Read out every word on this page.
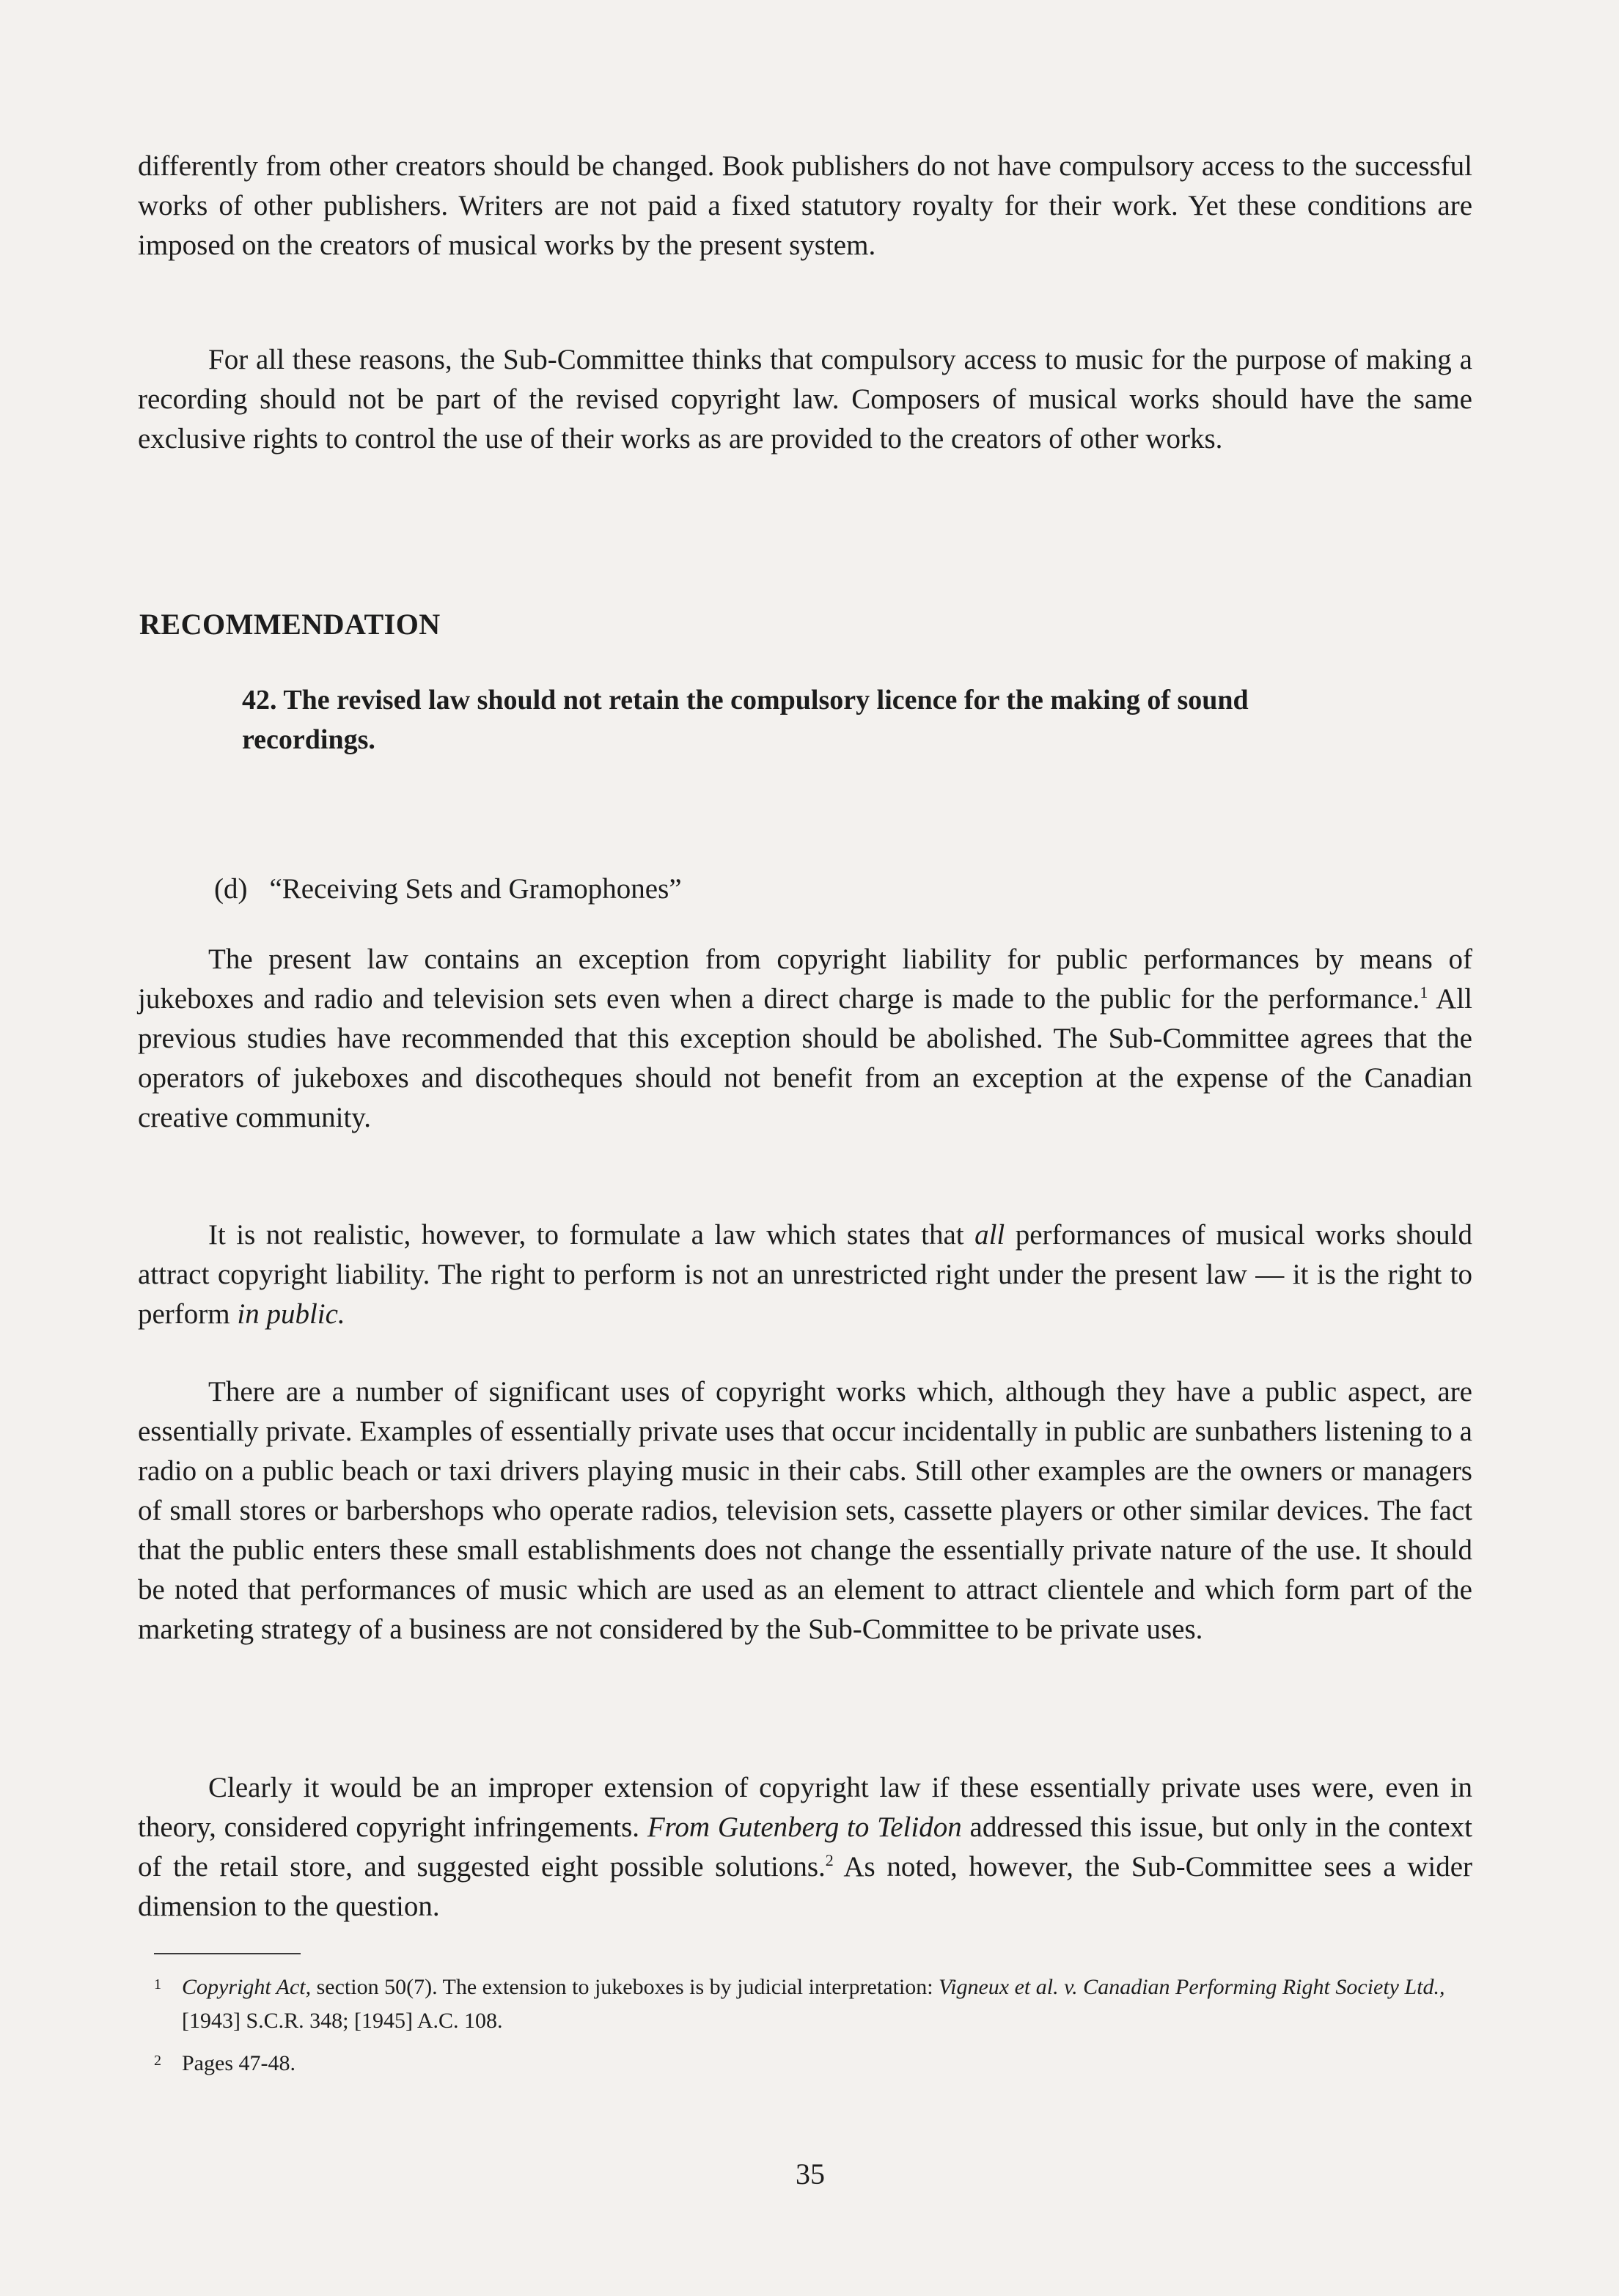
differently from other creators should be changed. Book publishers do not have compulsory access to the successful works of other publishers. Writers are not paid a fixed statutory royalty for their work. Yet these conditions are imposed on the creators of musical works by the present system.

For all these reasons, the Sub-Committee thinks that compulsory access to music for the purpose of making a recording should not be part of the revised copyright law. Composers of musical works should have the same exclusive rights to control the use of their works as are provided to the creators of other works.

RECOMMENDATION

42. The revised law should not retain the compulsory licence for the making of sound recordings.

(d) “Receiving Sets and Gramophones”

The present law contains an exception from copyright liability for public performances by means of jukeboxes and radio and television sets even when a direct charge is made to the public for the performance.$^1$ All previous studies have recommended that this exception should be abolished. The Sub-Committee agrees that the operators of jukeboxes and discotheques should not benefit from an exception at the expense of the Canadian creative community.

It is not realistic, however, to formulate a law which states that all performances of musical works should attract copyright liability. The right to perform is not an unrestricted right under the present law — it is the right to perform in public.

There are a number of significant uses of copyright works which, although they have a public aspect, are essentially private. Examples of essentially private uses that occur incidentally in public are sunbathers listening to a radio on a public beach or taxi drivers playing music in their cabs. Still other examples are the owners or managers of small stores or barbershops who operate radios, television sets, cassette players or other similar devices. The fact that the public enters these small establishments does not change the essentially private nature of the use. It should be noted that performances of music which are used as an element to attract clientele and which form part of the marketing strategy of a business are not considered by the Sub-Committee to be private uses.

Clearly it would be an improper extension of copyright law if these essentially private uses were, even in theory, considered copyright infringements. From Gutenberg to Telidon addressed this issue, but only in the context of the retail store, and suggested eight possible solutions.$^2$ As noted, however, the Sub-Committee sees a wider dimension to the question.

1 Copyright Act, section 50(7). The extension to jukeboxes is by judicial interpretation: Vigneux et al. v. Canadian Performing Right Society Ltd., [1943] S.C.R. 348; [1945] A.C. 108.

2 Pages 47-48.

35
